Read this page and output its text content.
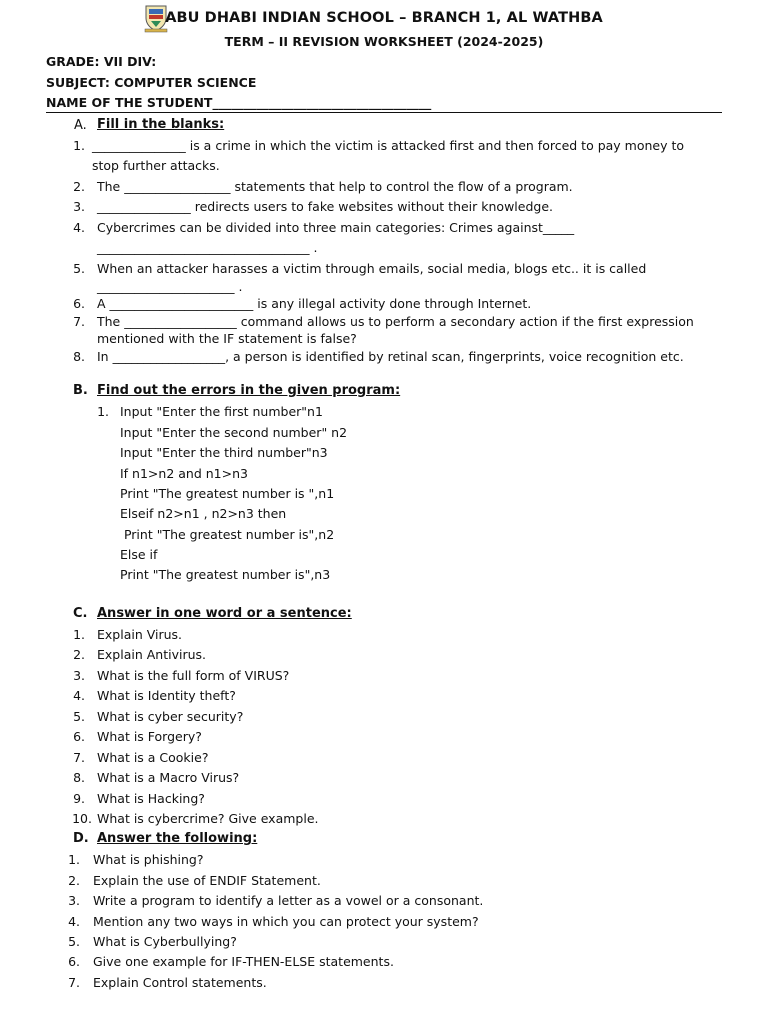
ABU DHABI INDIAN SCHOOL – BRANCH 1, AL WATHBA
TERM – II REVISION WORKSHEET (2024-2025)
GRADE: VII DIV:
SUBJECT: COMPUTER SCIENCE
NAME OF THE STUDENT___________________________________
A. Fill in the blanks:
1. _______________ is a crime in which the victim is attacked first and then forced to pay money to
stop further attacks.
2. The _________________ statements that help to control the flow of a program.
3. _______________ redirects users to fake websites without their knowledge.
4. Cybercrimes can be divided into three main categories: Crimes against_____
__________________________________ .
5. When an attacker harasses a victim through emails, social media, blogs etc.. it is called
______________________ .
6. A _______________________ is any illegal activity done through Internet.
7. The __________________ command allows us to perform a secondary action if the first expression
mentioned with the IF statement is false?
8. In __________________, a person is identified by retinal scan, fingerprints, voice recognition etc.
B. Find out the errors in the given program:
1. Input "Enter the first number"n1
Input "Enter the second number" n2
Input "Enter the third number"n3
If n1>n2 and n1>n3
Print "The greatest number is ",n1
Elseif n2>n1 , n2>n3 then
Print "The greatest number is",n2
Else if
Print "The greatest number is",n3
C. Answer in one word or a sentence:
1. Explain Virus.
2. Explain Antivirus.
3. What is the full form of VIRUS?
4. What is Identity theft?
5. What is cyber security?
6. What is Forgery?
7. What is a Cookie?
8. What is a Macro Virus?
9. What is Hacking?
10. What is cybercrime? Give example.
D. Answer the following:
1. What is phishing?
2. Explain the use of ENDIF Statement.
3. Write a program to identify a letter as a vowel or a consonant.
4. Mention any two ways in which you can protect your system?
5. What is Cyberbullying?
6. Give one example for IF-THEN-ELSE statements.
7. Explain Control statements.
